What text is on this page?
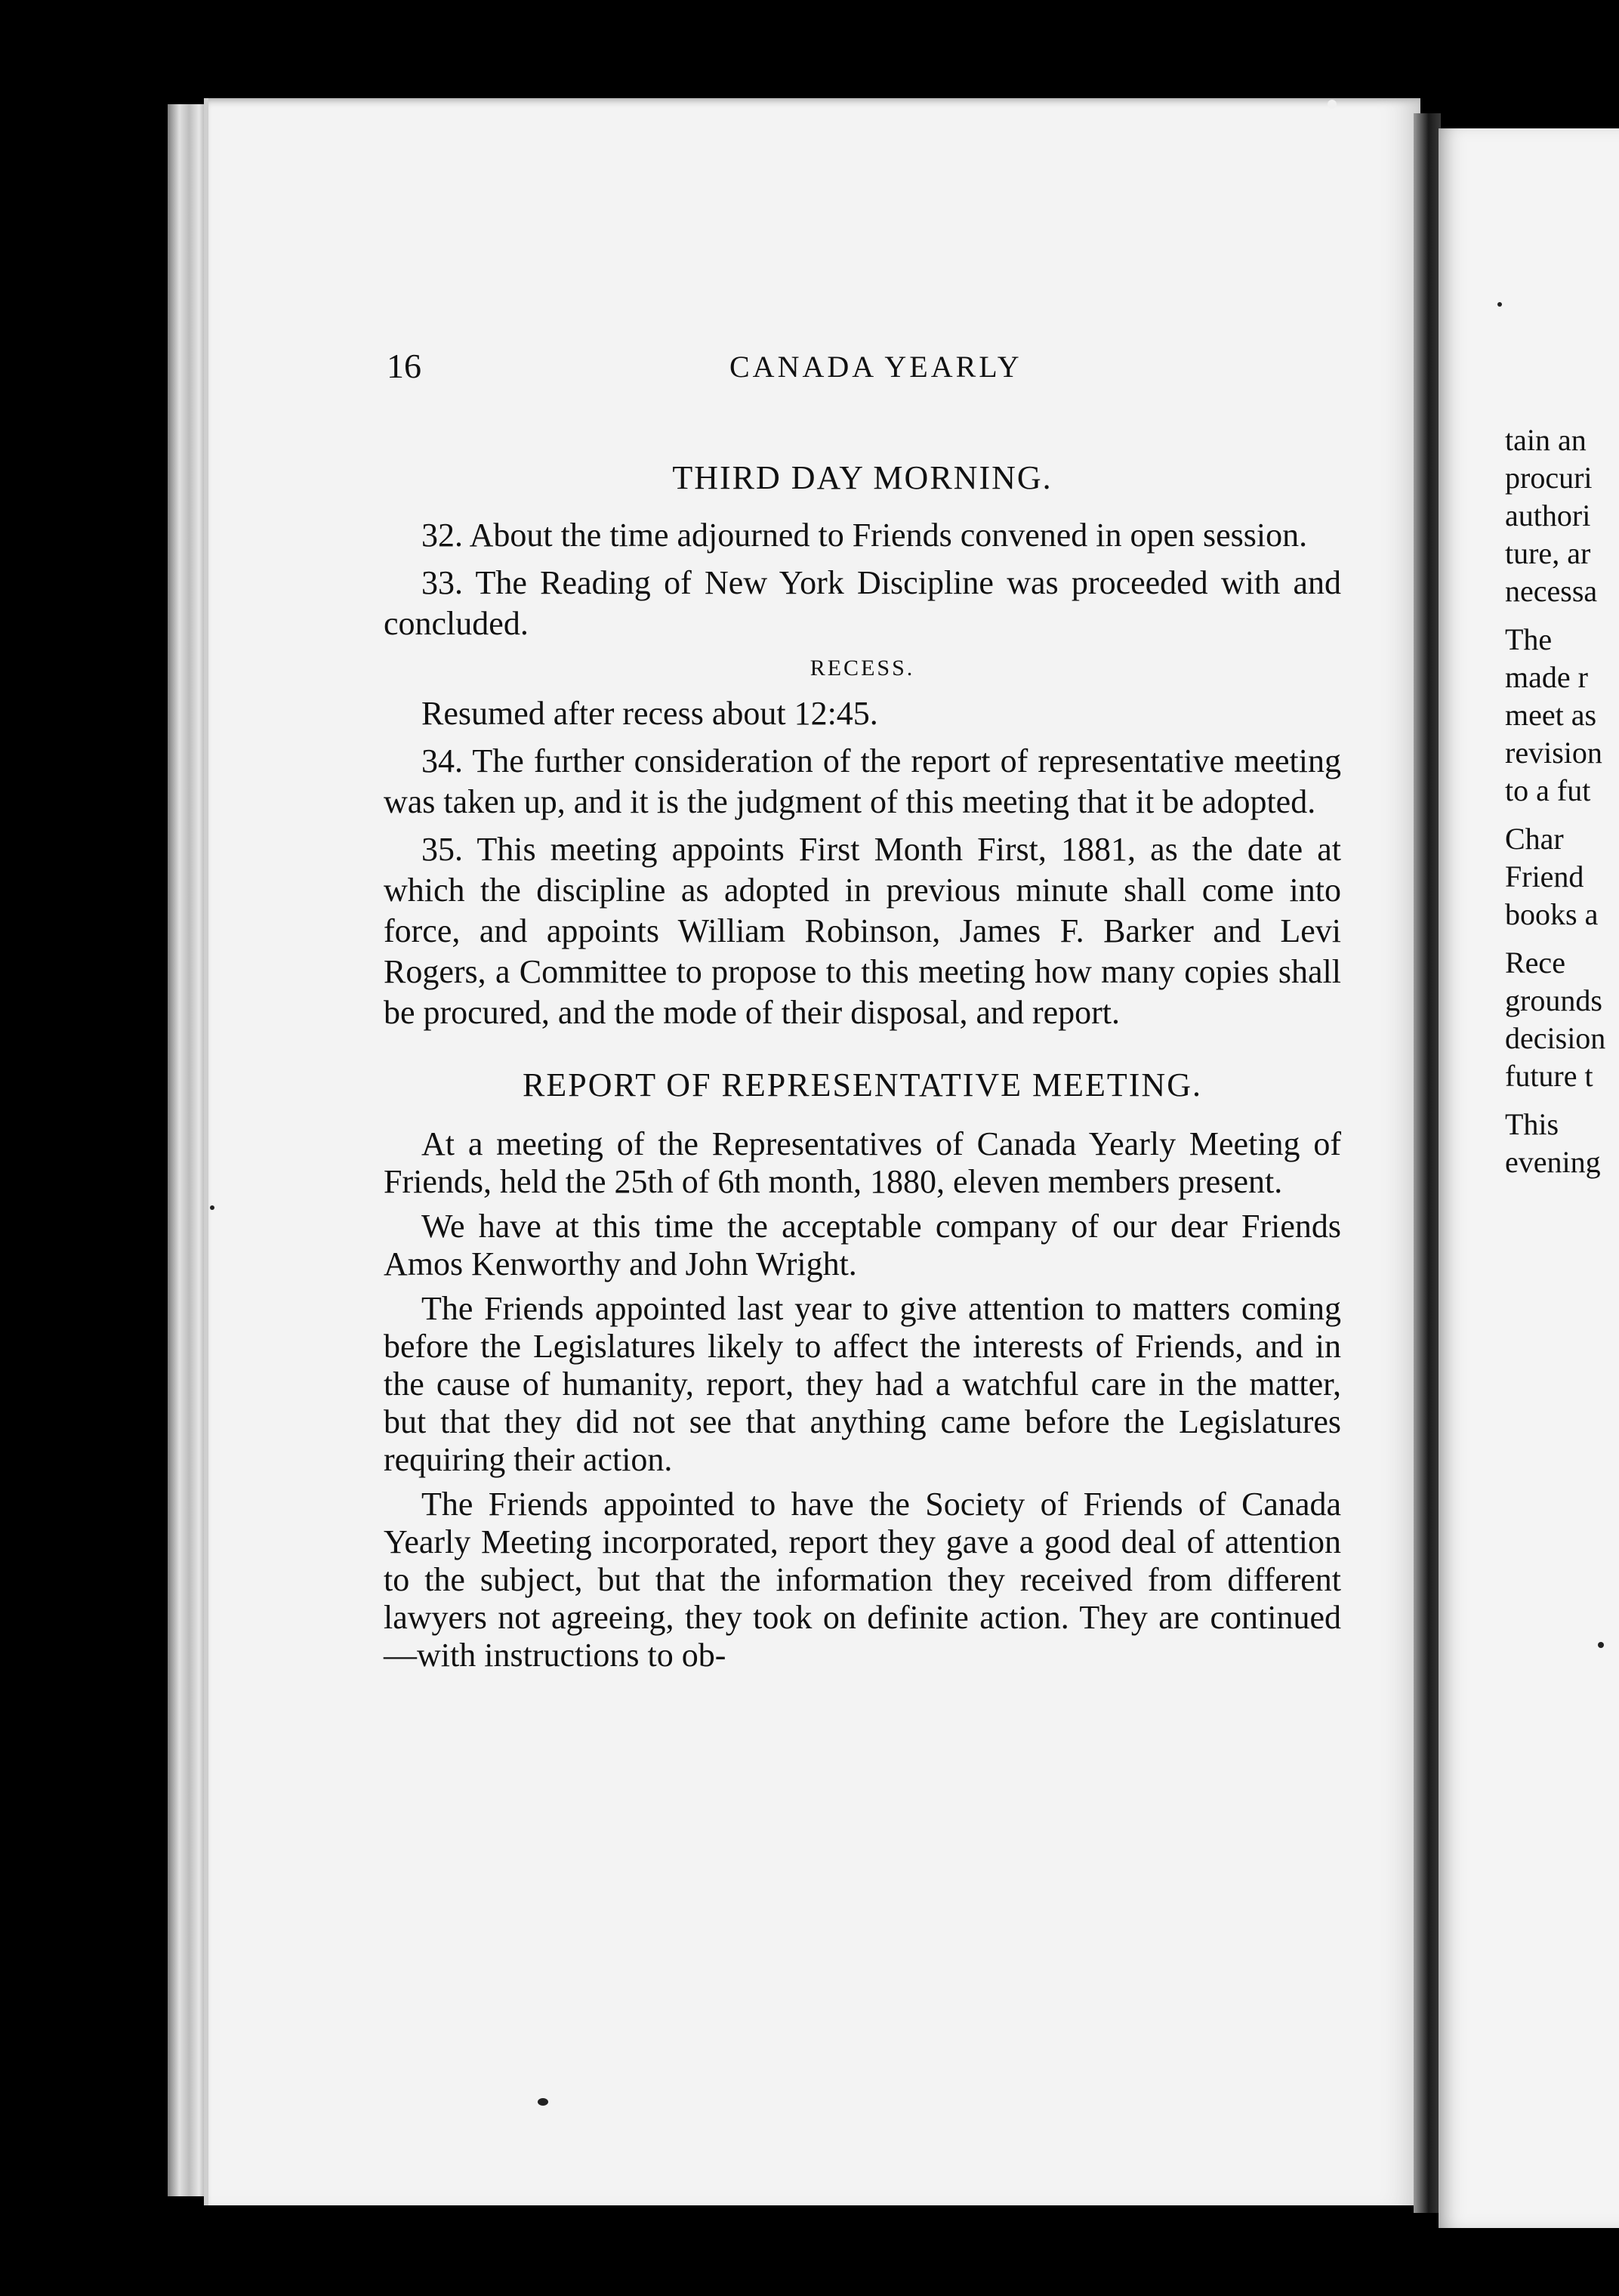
tain an
procuri
authori
ture, ar
necessa
The
made r
meet as
revision
to a fut
Char
Friend
books a
Rece
grounds
decision
future t
This
evening
16	CANADA YEARLY

THIRD DAY MORNING.

32. About the time adjourned to Friends convened in open session.

33. The Reading of New York Discipline was proceeded with and concluded.

RECESS.

Resumed after recess about 12:45.

34. The further consideration of the report of representative meeting was taken up, and it is the judgment of this meeting that it be adopted.

35. This meeting appoints First Month First, 1881, as the date at which the discipline as adopted in previous minute shall come into force, and appoints William Robinson, James F. Barker and Levi Rogers, a Committee to propose to this meeting how many copies shall be procured, and the mode of their disposal, and report.

REPORT OF REPRESENTATIVE MEETING.

At a meeting of the Representatives of Canada Yearly Meeting of Friends, held the 25th of 6th month, 1880, eleven members present.

We have at this time the acceptable company of our dear Friends Amos Kenworthy and John Wright.

The Friends appointed last year to give attention to matters coming before the Legislatures likely to affect the interests of Friends, and in the cause of humanity, report, they had a watchful care in the matter, but that they did not see that anything came before the Legislatures requiring their action.

The Friends appointed to have the Society of Friends of Canada Yearly Meeting incorporated, report they gave a good deal of attention to the subject, but that the information they received from different lawyers not agreeing, they took on definite action. They are continued—with instructions to ob-
